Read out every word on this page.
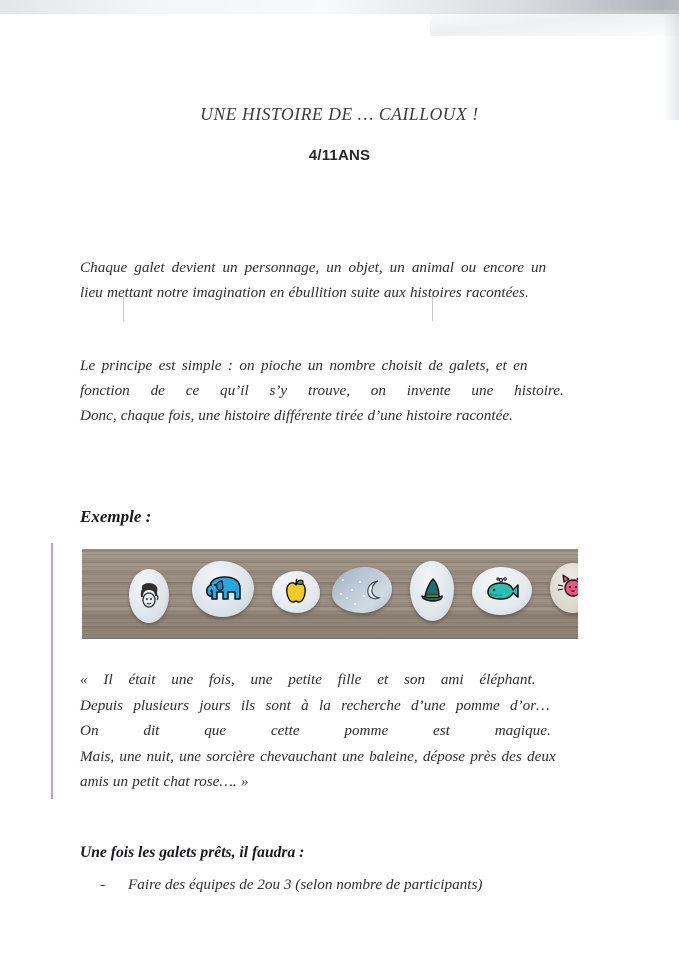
UNE HISTOIRE DE … CAILLOUX !
4/11ANS
Chaque galet devient un personnage, un objet, un animal ou encore un
lieu mettant notre imagination en ébullition suite aux histoires racontées.
Le principe est simple : on pioche un nombre choisit de galets, et en
fonction de ce qu’il s’y trouve, on invente une histoire.
Donc, chaque fois, une histoire différente tirée d’une histoire racontée.
Exemple :
« Il était une fois, une petite fille et son ami éléphant.
Depuis plusieurs jours ils sont à la recherche d’une pomme d’or…
On dit que cette pomme est magique.
Mais, une nuit, une sorcière chevauchant une baleine, dépose près des deux
amis un petit chat rose…. »
Une fois les galets prêts, il faudra :
-	Faire des équipes de 2ou 3 (selon nombre de participants)
